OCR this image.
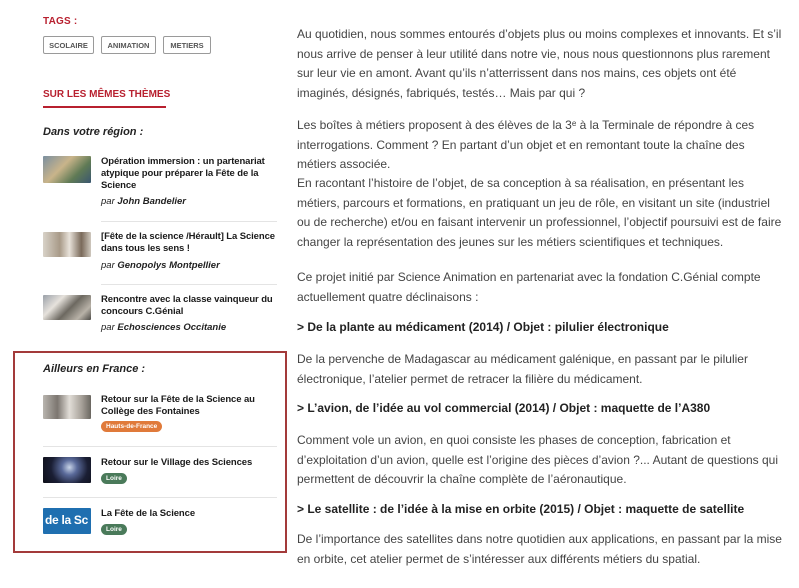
TAGS :
SCOLAIRE	ANIMATION	METIERS
SUR LES MÊMES THÈMES
Dans votre région :
Opération immersion : un partenariat atypique pour préparer la Fête de la Science
par John Bandelier
[Fête de la science /Hérault] La Science dans tous les sens !
par Genopolys Montpellier
Rencontre avec la classe vainqueur du concours C.Génial
par Echosciences Occitanie
Ailleurs en France :
Retour sur la Fête de la Science au Collège des Fontaines
Hauts-de-France
Retour sur le Village des Sciences
Loire
de la Sc La Fête de la Science
Loire

Au quotidien, nous sommes entourés d’objets plus ou moins complexes et innovants. Et s’il nous arrive de penser à leur utilité dans notre vie, nous nous questionnons plus rarement sur leur vie en amont. Avant qu’ils n’atterrissent dans nos mains, ces objets ont été imaginés, désignés, fabriqués, testés… Mais par qui ?

Les boîtes à métiers proposent à des élèves de la 3ᵉ à la Terminale de répondre à ces interrogations. Comment ? En partant d’un objet et en remontant toute la chaîne des métiers associée.

En racontant l’histoire de l’objet, de sa conception à sa réalisation, en présentant les métiers, parcours et formations, en pratiquant un jeu de rôle, en visitant un site (industriel ou de recherche) et/ou en faisant intervenir un professionnel, l’objectif poursuivi est de faire changer la représentation des jeunes sur les métiers scientifiques et techniques.

Ce projet initié par Science Animation en partenariat avec la fondation C.Génial compte actuellement quatre déclinaisons :

> De la plante au médicament (2014) / Objet : pilulier électronique

De la pervenche de Madagascar au médicament galénique, en passant par le pilulier électronique, l’atelier permet de retracer la filière du médicament.

> L’avion, de l’idée au vol commercial (2014) / Objet : maquette de l’A380

Comment vole un avion, en quoi consiste les phases de conception, fabrication et d’exploitation d’un avion, quelle est l’origine des pièces d’avion ?... Autant de questions qui permettent de découvrir la chaîne complète de l’aéronautique.

> Le satellite : de l’idée à la mise en orbite (2015) / Objet : maquette de satellite

De l’importance des satellites dans notre quotidien aux applications, en passant par la mise en orbite, cet atelier permet de s’intéresser aux différents métiers du spatial.
